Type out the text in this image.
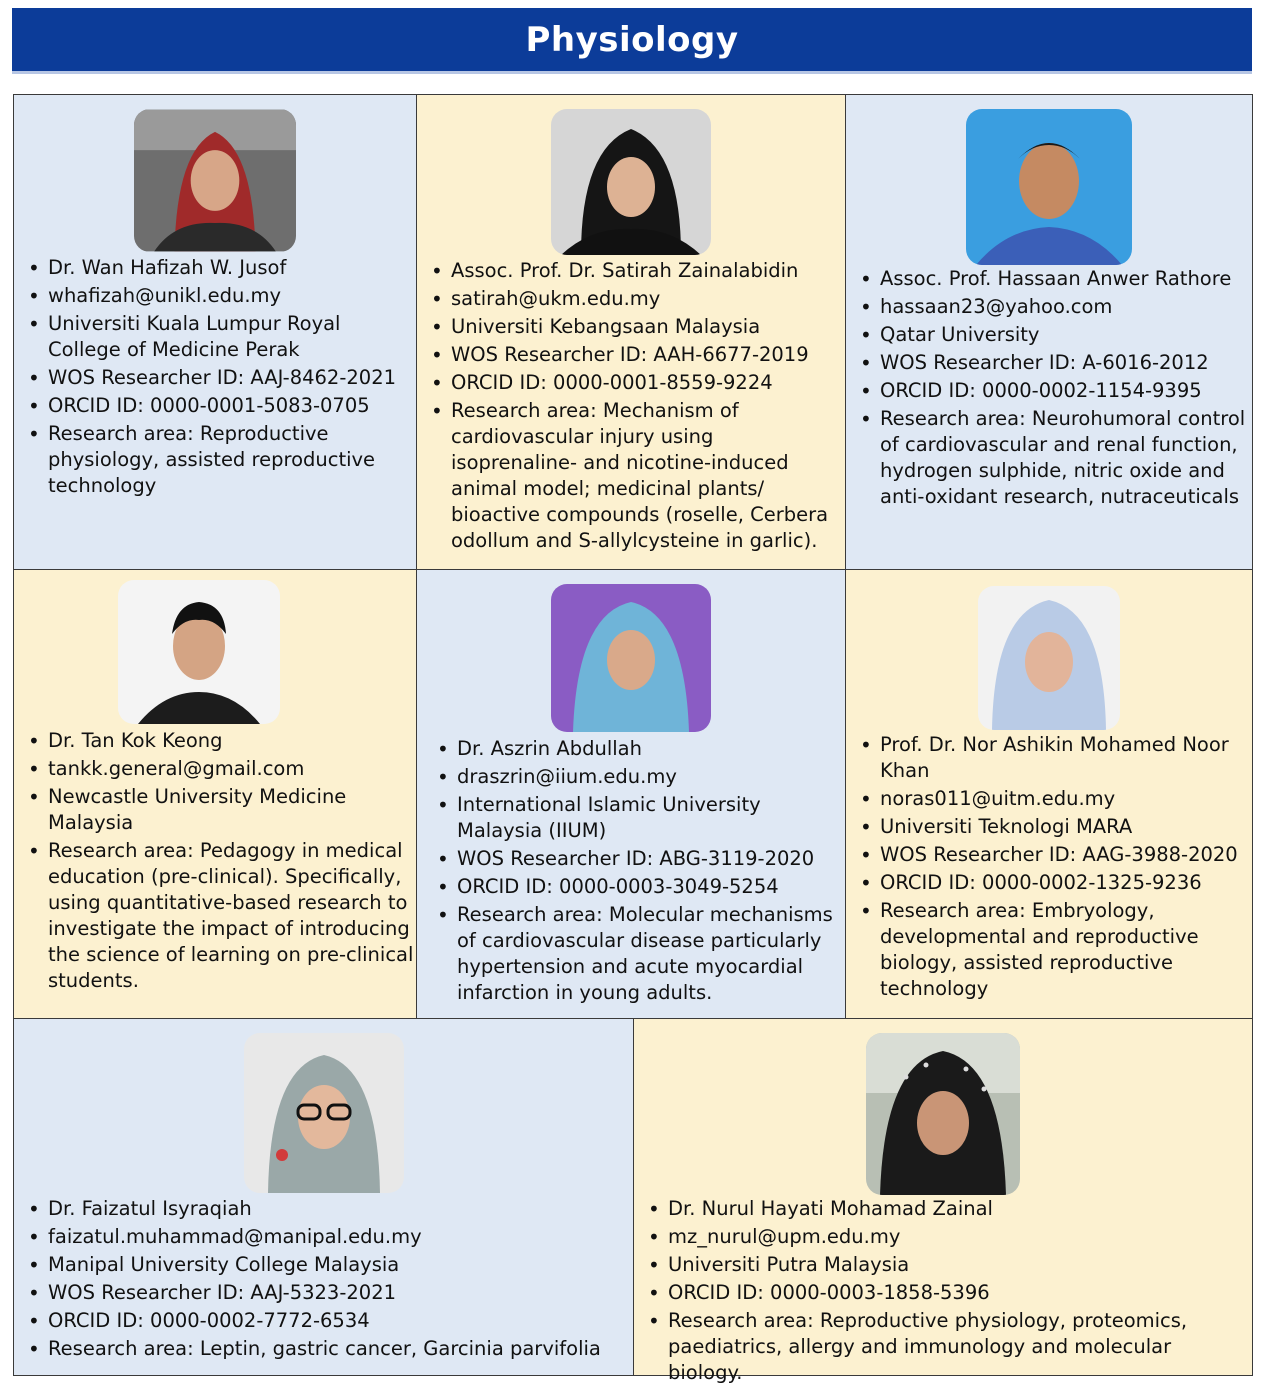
Physiology
• Dr. Wan Hafizah W. Jusof
• whafizah@unikl.edu.my
• Universiti Kuala Lumpur Royal College of Medicine Perak
• WOS Researcher ID: AAJ-8462-2021
• ORCID ID: 0000-0001-5083-0705
• Research area: Reproductive physiology, assisted reproductive technology
• Assoc. Prof. Dr. Satirah Zainalabidin
• satirah@ukm.edu.my
• Universiti Kebangsaan Malaysia
• WOS Researcher ID: AAH-6677-2019
• ORCID ID: 0000-0001-8559-9224
• Research area: Mechanism of cardiovascular injury using isoprenaline- and nicotine-induced animal model; medicinal plants/ bioactive compounds (roselle, Cerbera odollum and S-allylcysteine in garlic).
• Assoc. Prof. Hassaan Anwer Rathore
• hassaan23@yahoo.com
• Qatar University
• WOS Researcher ID: A-6016-2012
• ORCID ID: 0000-0002-1154-9395
• Research area: Neurohumoral control of cardiovascular and renal function, hydrogen sulphide, nitric oxide and anti-oxidant research, nutraceuticals
• Dr. Tan Kok Keong
• tankk.general@gmail.com
• Newcastle University Medicine Malaysia
• Research area: Pedagogy in medical education (pre-clinical). Specifically, using quantitative-based research to investigate the impact of introducing the science of learning on pre-clinical students.
• Dr. Aszrin Abdullah
• draszrin@iium.edu.my
• International Islamic University Malaysia (IIUM)
• WOS Researcher ID: ABG-3119-2020
• ORCID ID: 0000-0003-3049-5254
• Research area: Molecular mechanisms of cardiovascular disease particularly hypertension and acute myocardial infarction in young adults.
• Prof. Dr. Nor Ashikin Mohamed Noor Khan
• noras011@uitm.edu.my
• Universiti Teknologi MARA
• WOS Researcher ID: AAG-3988-2020
• ORCID ID: 0000-0002-1325-9236
• Research area: Embryology, developmental and reproductive biology, assisted reproductive technology
• Dr. Faizatul Isyraqiah
• faizatul.muhammad@manipal.edu.my
• Manipal University College Malaysia
• WOS Researcher ID: AAJ-5323-2021
• ORCID ID: 0000-0002-7772-6534
• Research area: Leptin, gastric cancer, Garcinia parvifolia
• Dr. Nurul Hayati Mohamad Zainal
• mz_nurul@upm.edu.my
• Universiti Putra Malaysia
• ORCID ID: 0000-0003-1858-5396
• Research area: Reproductive physiology, proteomics, paediatrics, allergy and immunology and molecular biology.
